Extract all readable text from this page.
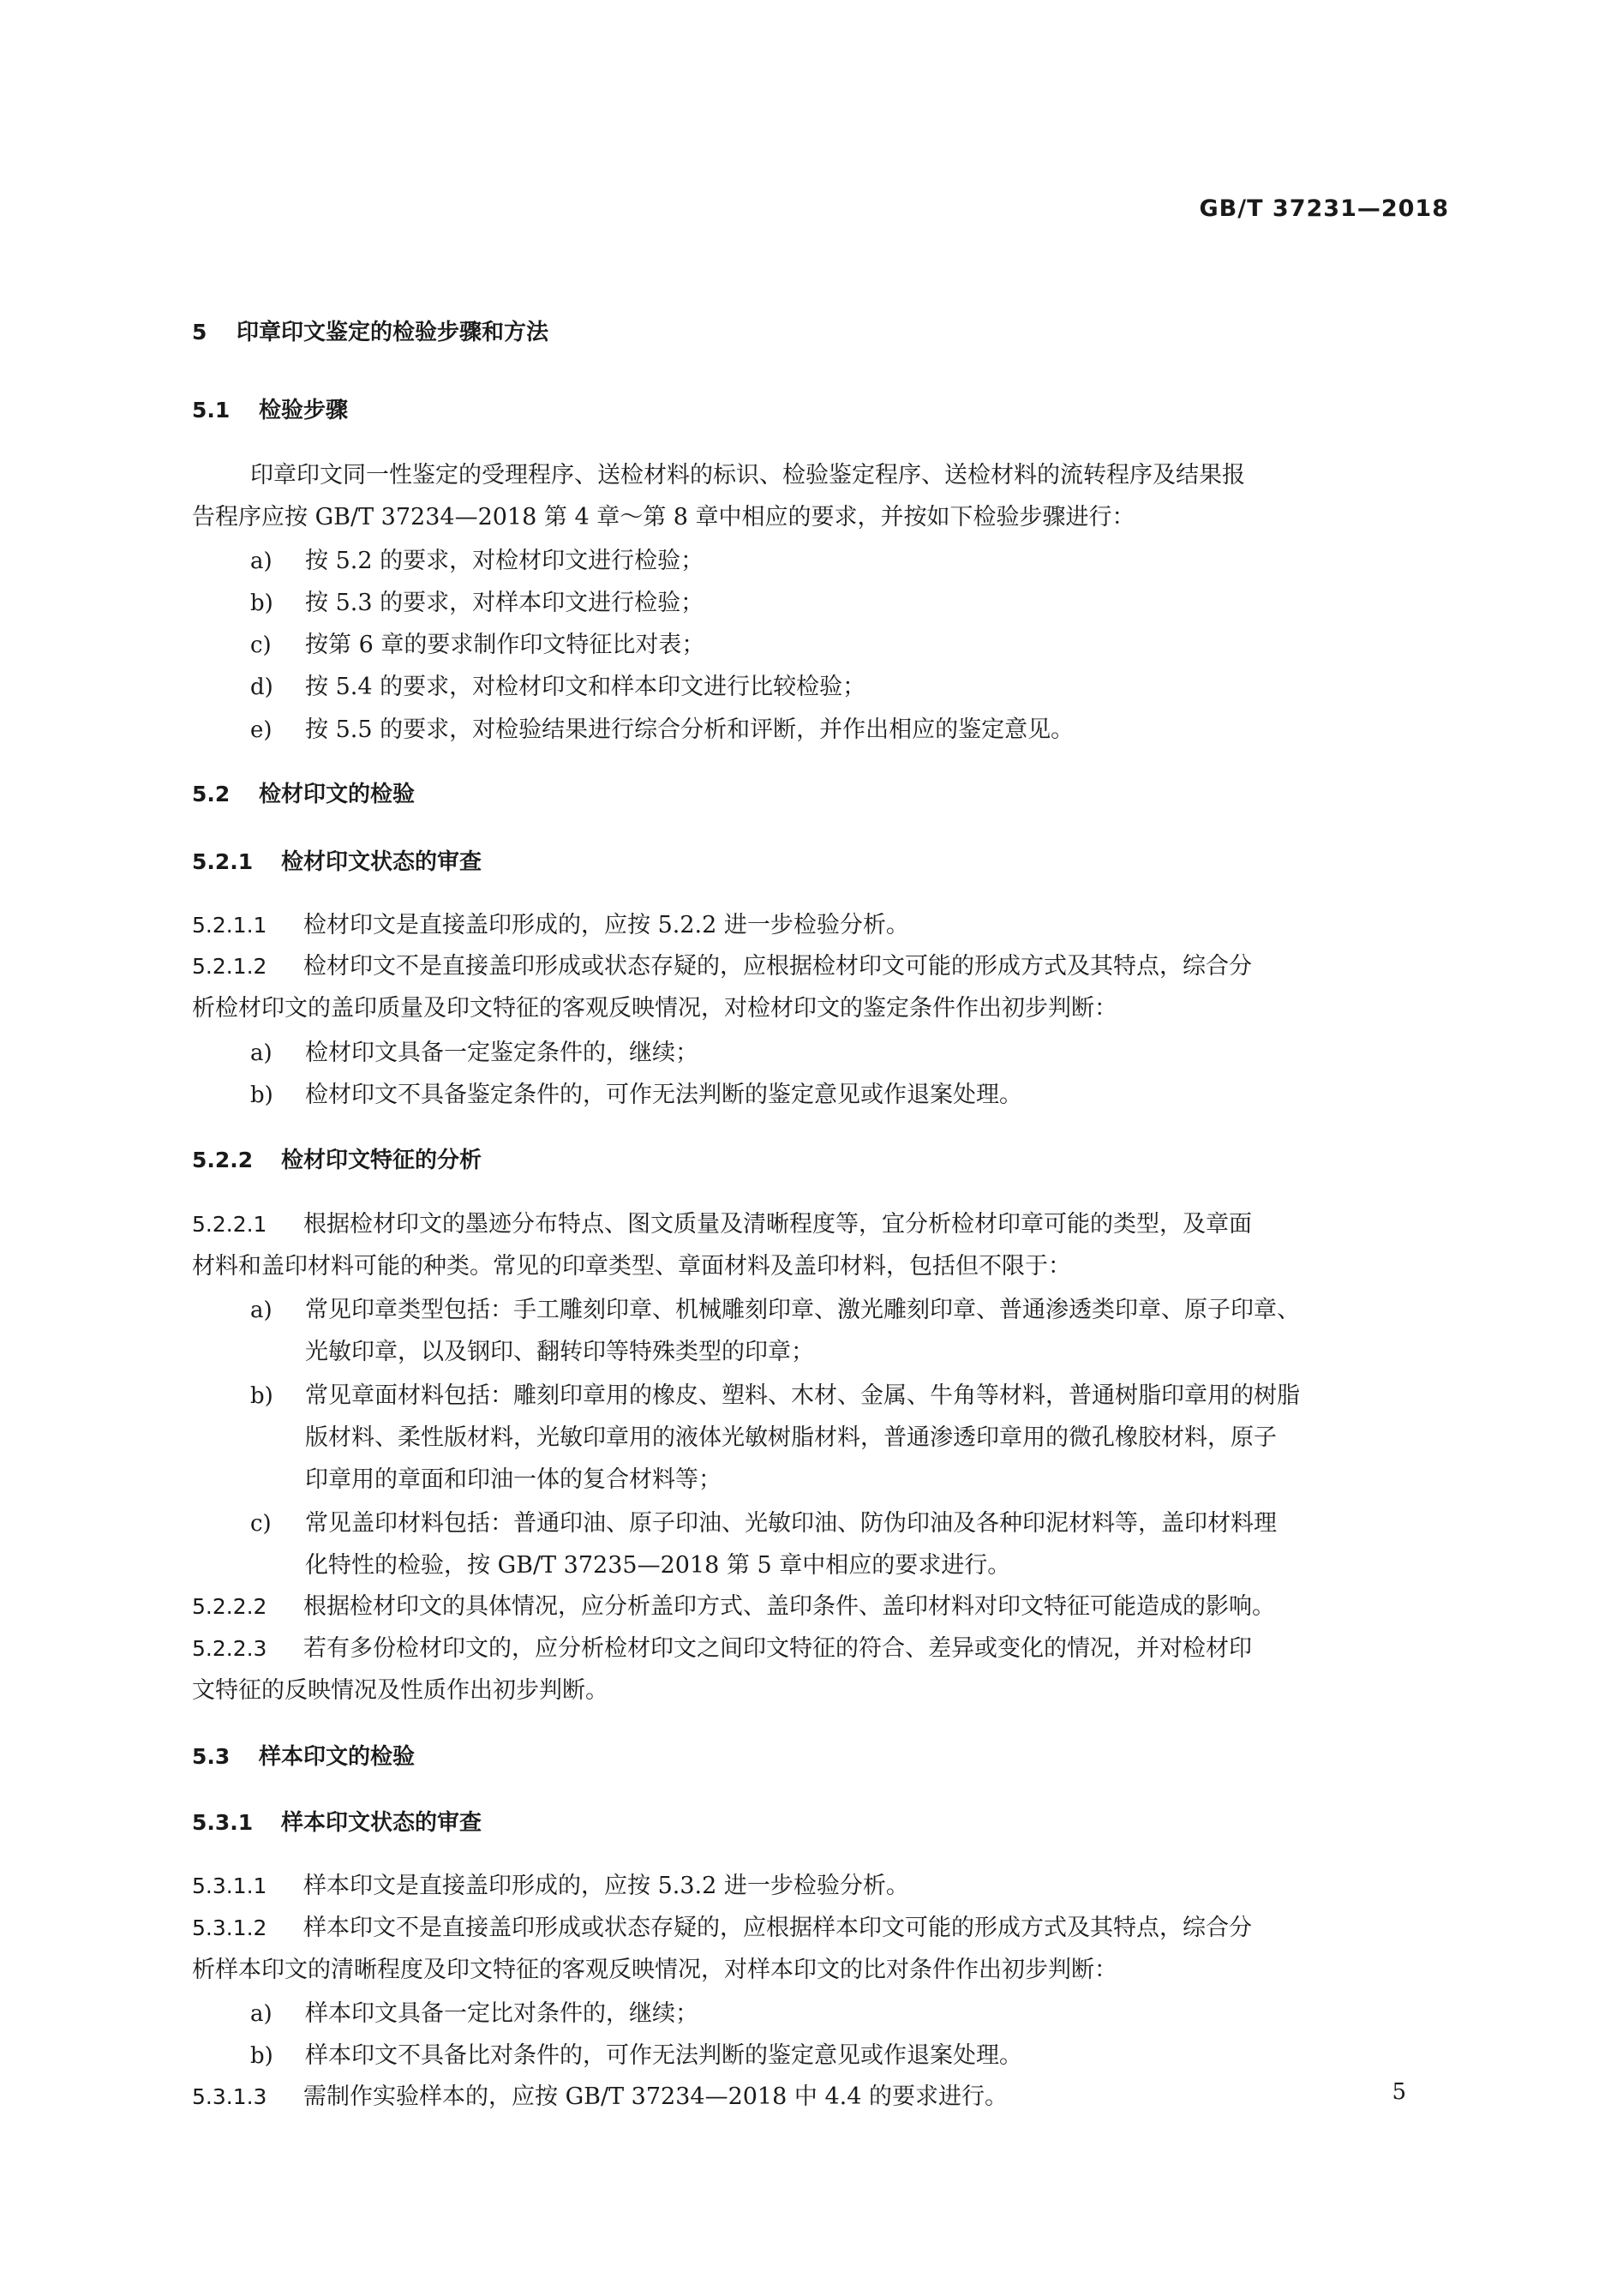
GB/T 37231—2018
5 印章印文鉴定的检验步骤和方法
5.1 检验步骤
印章印文同一性鉴定的受理程序、送检材料的标识、检验鉴定程序、送检材料的流转程序及结果报
告程序应按 GB/T 37234—2018 第 4 章～第 8 章中相应的要求，并按如下检验步骤进行：
a) 按 5.2 的要求，对检材印文进行检验；
b) 按 5.3 的要求，对样本印文进行检验；
c) 按第 6 章的要求制作印文特征比对表；
d) 按 5.4 的要求，对检材印文和样本印文进行比较检验；
e) 按 5.5 的要求，对检验结果进行综合分析和评断，并作出相应的鉴定意见。
5.2 检材印文的检验
5.2.1 检材印文状态的审查
5.2.1.1 检材印文是直接盖印形成的，应按 5.2.2 进一步检验分析。
5.2.1.2 检材印文不是直接盖印形成或状态存疑的，应根据检材印文可能的形成方式及其特点，综合分
析检材印文的盖印质量及印文特征的客观反映情况，对检材印文的鉴定条件作出初步判断：
a) 检材印文具备一定鉴定条件的，继续；
b) 检材印文不具备鉴定条件的，可作无法判断的鉴定意见或作退案处理。
5.2.2 检材印文特征的分析
5.2.2.1 根据检材印文的墨迹分布特点、图文质量及清晰程度等，宜分析检材印章可能的类型，及章面
材料和盖印材料可能的种类。常见的印章类型、章面材料及盖印材料，包括但不限于：
a) 常见印章类型包括：手工雕刻印章、机械雕刻印章、激光雕刻印章、普通渗透类印章、原子印章、
光敏印章，以及钢印、翻转印等特殊类型的印章；
b) 常见章面材料包括：雕刻印章用的橡皮、塑料、木材、金属、牛角等材料，普通树脂印章用的树脂
版材料、柔性版材料，光敏印章用的液体光敏树脂材料，普通渗透印章用的微孔橡胶材料，原子
印章用的章面和印油一体的复合材料等；
c) 常见盖印材料包括：普通印油、原子印油、光敏印油、防伪印油及各种印泥材料等，盖印材料理
化特性的检验，按 GB/T 37235—2018 第 5 章中相应的要求进行。
5.2.2.2 根据检材印文的具体情况，应分析盖印方式、盖印条件、盖印材料对印文特征可能造成的影响。
5.2.2.3 若有多份检材印文的，应分析检材印文之间印文特征的符合、差异或变化的情况，并对检材印
文特征的反映情况及性质作出初步判断。
5.3 样本印文的检验
5.3.1 样本印文状态的审查
5.3.1.1 样本印文是直接盖印形成的，应按 5.3.2 进一步检验分析。
5.3.1.2 样本印文不是直接盖印形成或状态存疑的，应根据样本印文可能的形成方式及其特点，综合分
析样本印文的清晰程度及印文特征的客观反映情况，对样本印文的比对条件作出初步判断：
a) 样本印文具备一定比对条件的，继续；
b) 样本印文不具备比对条件的，可作无法判断的鉴定意见或作退案处理。
5.3.1.3 需制作实验样本的，应按 GB/T 37234—2018 中 4.4 的要求进行。	5
